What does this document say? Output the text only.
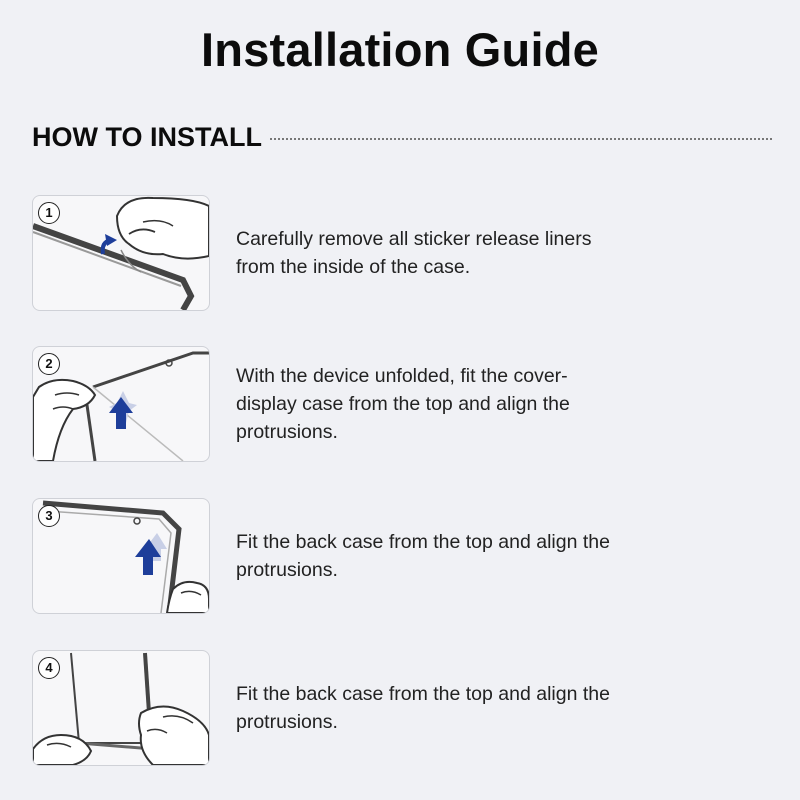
Installation Guide
HOW TO INSTALL
1
Carefully remove all sticker release liners from the inside of the case.
2
With the device unfolded, fit the cover-display case from the top and align the protrusions.
3
Fit the back case from the top and align the protrusions.
4
Fit the back case from the top and align the protrusions.
